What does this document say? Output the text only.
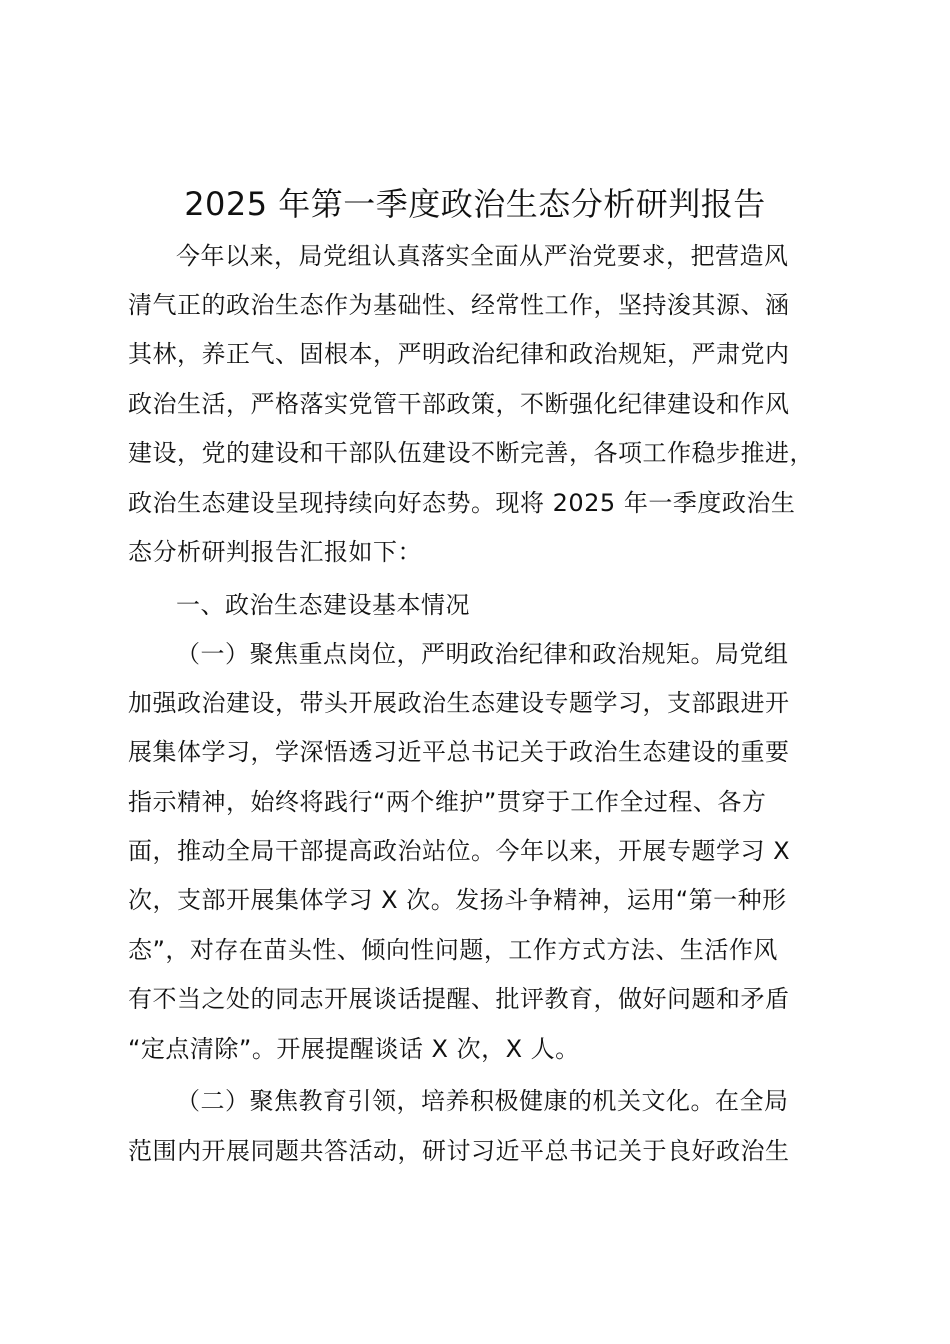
2025 年第一季度政治生态分析研判报告
今年以来，局党组认真落实全面从严治党要求，把营造风
清气正的政治生态作为基础性、经常性工作，坚持浚其源、涵
其林，养正气、固根本，严明政治纪律和政治规矩，严肃党内
政治生活，严格落实党管干部政策，不断强化纪律建设和作风
建设，党的建设和干部队伍建设不断完善，各项工作稳步推进，
政治生态建设呈现持续向好态势。现将 2025 年一季度政治生
态分析研判报告汇报如下：
一、政治生态建设基本情况
（一）聚焦重点岗位，严明政治纪律和政治规矩。局党组
加强政治建设，带头开展政治生态建设专题学习，支部跟进开
展集体学习，学深悟透习近平总书记关于政治生态建设的重要
指示精神，始终将践行“两个维护”贯穿于工作全过程、各方
面，推动全局干部提高政治站位。今年以来，开展专题学习 X
次，支部开展集体学习 X 次。发扬斗争精神，运用“第一种形
态”，对存在苗头性、倾向性问题，工作方式方法、生活作风
有不当之处的同志开展谈话提醒、批评教育，做好问题和矛盾
“定点清除”。开展提醒谈话 X 次，X 人。
（二）聚焦教育引领，培养积极健康的机关文化。在全局
范围内开展同题共答活动，研讨习近平总书记关于良好政治生
